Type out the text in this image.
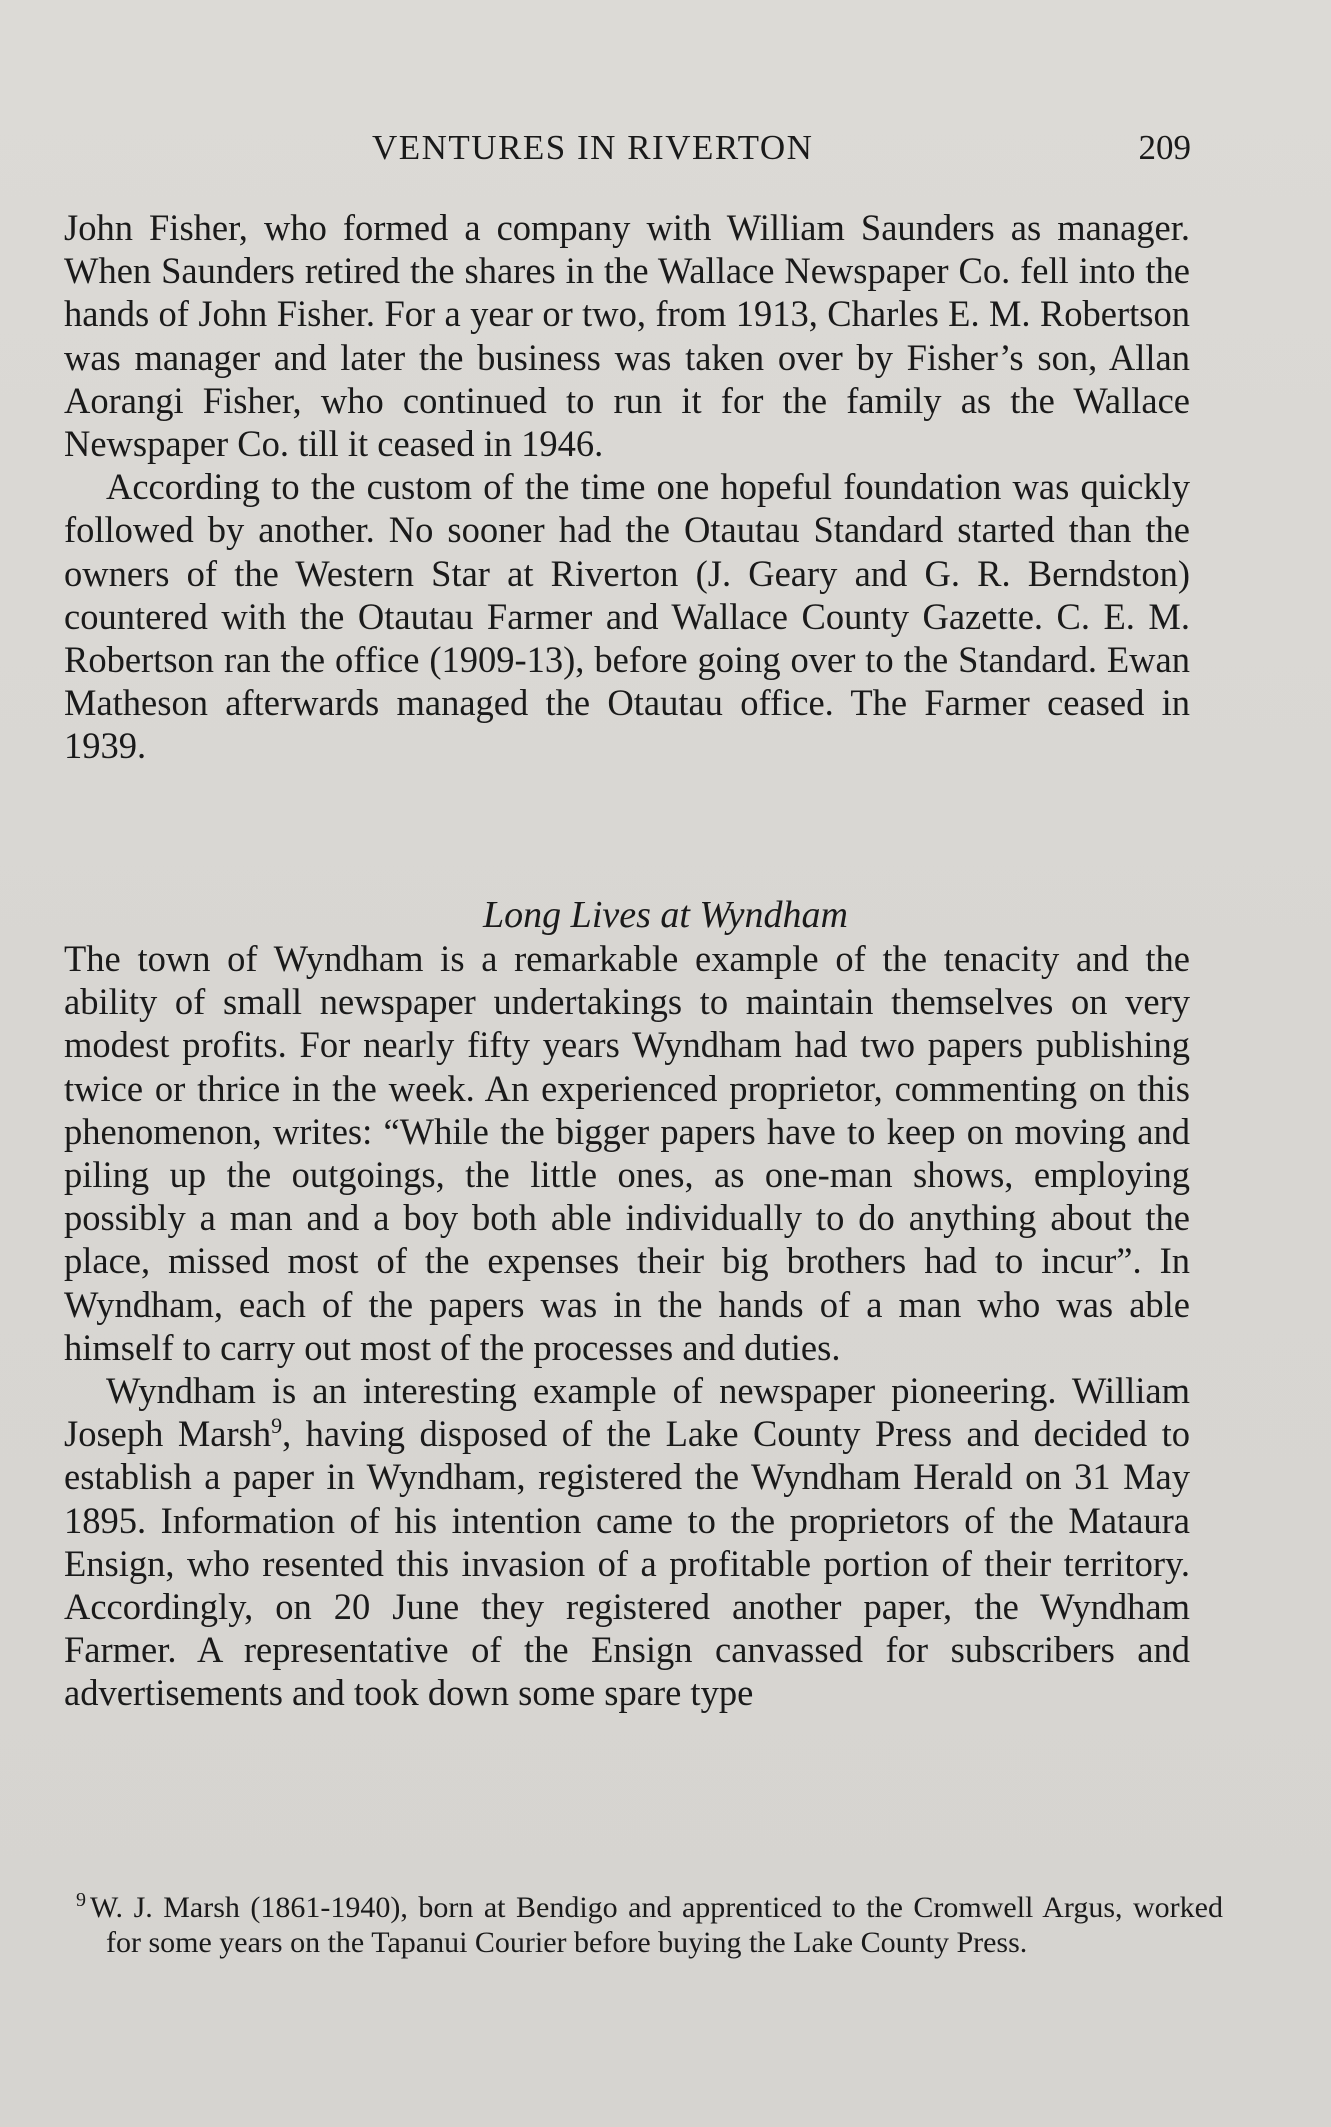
VENTURES IN RIVERTON	209

John Fisher, who formed a company with William Saunders as manager. When Saunders retired the shares in the Wallace Newspaper Co. fell into the hands of John Fisher. For a year or two, from 1913, Charles E. M. Robertson was manager and later the business was taken over by Fisher’s son, Allan Aorangi Fisher, who continued to run it for the family as the Wallace Newspaper Co. till it ceased in 1946.

According to the custom of the time one hopeful foundation was quickly followed by another. No sooner had the Otautau Standard started than the owners of the Western Star at Riverton (J. Geary and G. R. Berndston) countered with the Otautau Farmer and Wallace County Gazette. C. E. M. Robertson ran the office (1909-13), before going over to the Standard. Ewan Matheson afterwards managed the Otautau office. The Farmer ceased in 1939.

Long Lives at Wyndham

The town of Wyndham is a remarkable example of the tenacity and the ability of small newspaper undertakings to maintain themselves on very modest profits. For nearly fifty years Wyndham had two papers publishing twice or thrice in the week. An experienced proprietor, commenting on this phenomenon, writes: “While the bigger papers have to keep on moving and piling up the outgoings, the little ones, as one-man shows, employing possibly a man and a boy both able individually to do anything about the place, missed most of the expenses their big brothers had to incur”. In Wyndham, each of the papers was in the hands of a man who was able himself to carry out most of the processes and duties.

Wyndham is an interesting example of newspaper pioneering. William Joseph Marsh$^9$, having disposed of the Lake County Press and decided to establish a paper in Wyndham, registered the Wyndham Herald on 31 May 1895. Information of his intention came to the proprietors of the Mataura Ensign, who resented this invasion of a profitable portion of their territory. Accordingly, on 20 June they registered another paper, the Wyndham Farmer. A representative of the Ensign canvassed for subscribers and advertisements and took down some spare type

$^9$ W. J. Marsh (1861-1940), born at Bendigo and apprenticed to the Cromwell Argus, worked for some years on the Tapanui Courier before buying the Lake County Press.
